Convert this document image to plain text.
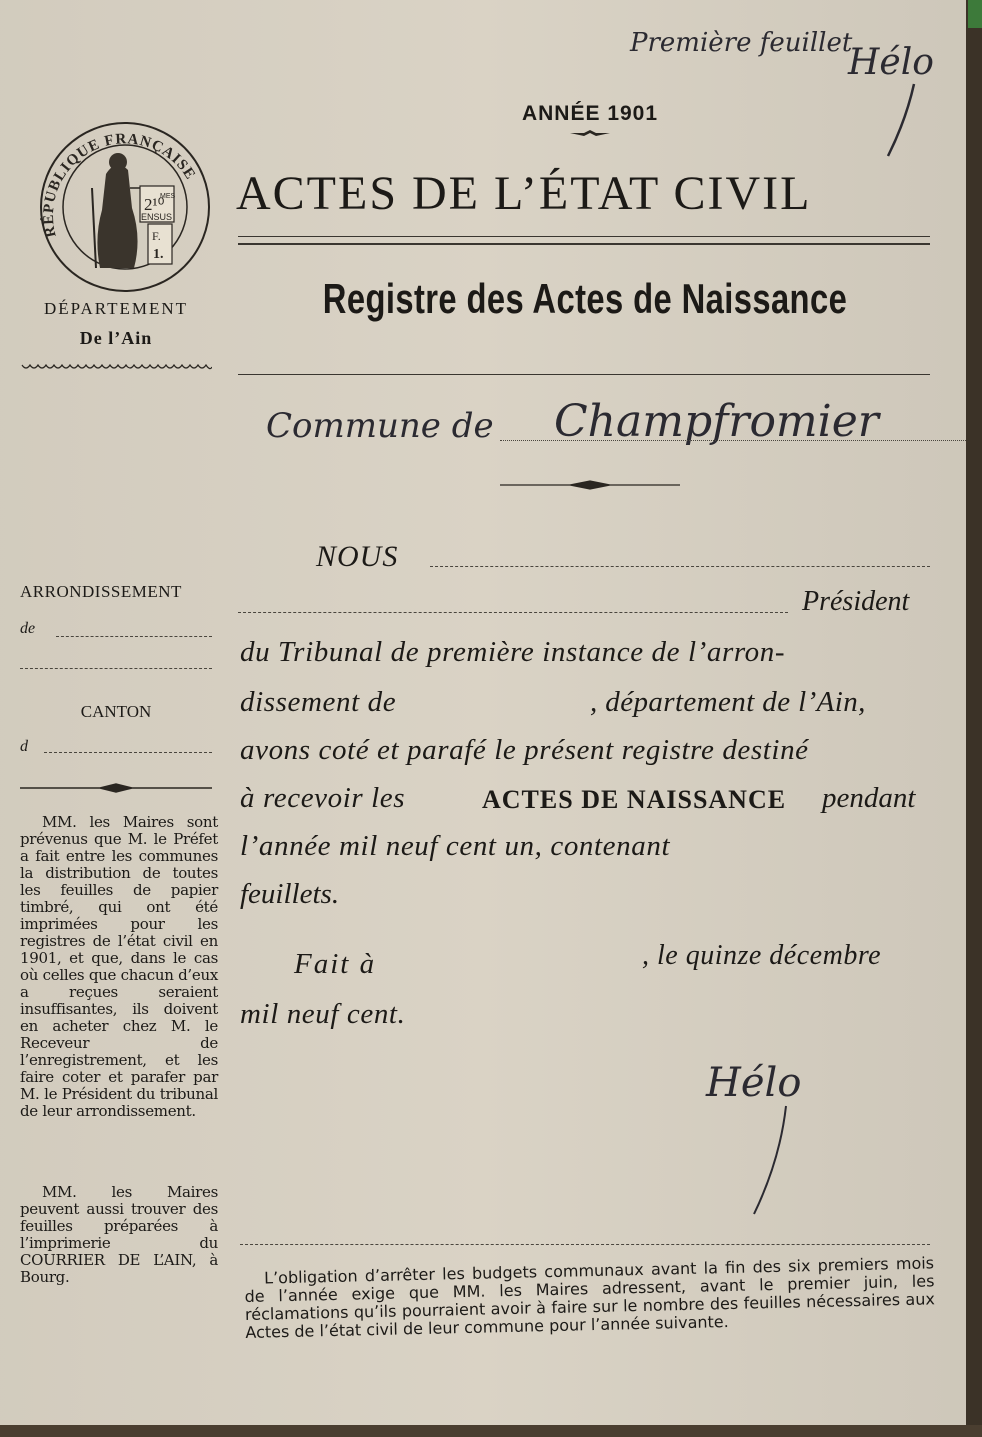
Première feuillet
Hélo
ANNÉE 1901
RÉPUBLIQUE FRANÇAISE
2¹⁰
MES
ENSUS
F.
1.
DÉPARTEMENT
De l’Ain
ACTES DE L’ÉTAT CIVIL
Registre des Actes de Naissance
Commune de Champfromier
NOUS
Président
du Tribunal de première instance de l’arron-
dissement de	, département de l’Ain,
avons coté et parafé le présent registre destiné
à recevoir les	ACTES DE NAISSANCE pendant
l’année mil neuf cent un, contenant
feuillets.
Fait à	, le quinze décembre
mil neuf cent.
Hélo
ARRONDISSEMENT
de
CANTON
d
MM. les Maires sont prévenus que M. le Préfet a fait entre les communes la distribution de toutes les feuilles de papier timbré, qui ont été imprimées pour les registres de l’état civil en 1901, et que, dans le cas où celles que chacun d’eux a reçues seraient insuffisantes, ils doivent en acheter chez M. le Receveur de l’enregistrement, et les faire coter et parafer par M. le Président du tribunal de leur arrondissement.
MM. les Maires peuvent aussi trouver des feuilles préparées à l’imprimerie du COURRIER DE L’AIN, à Bourg.	L’obligation d’arrêter les budgets communaux avant la fin des six premiers mois de l’année exige que MM. les Maires adressent, avant le premier juin, les réclamations qu’ils pourraient avoir à faire sur le nombre des feuilles nécessaires aux Actes de l’état civil de leur commune pour l’année suivante.
